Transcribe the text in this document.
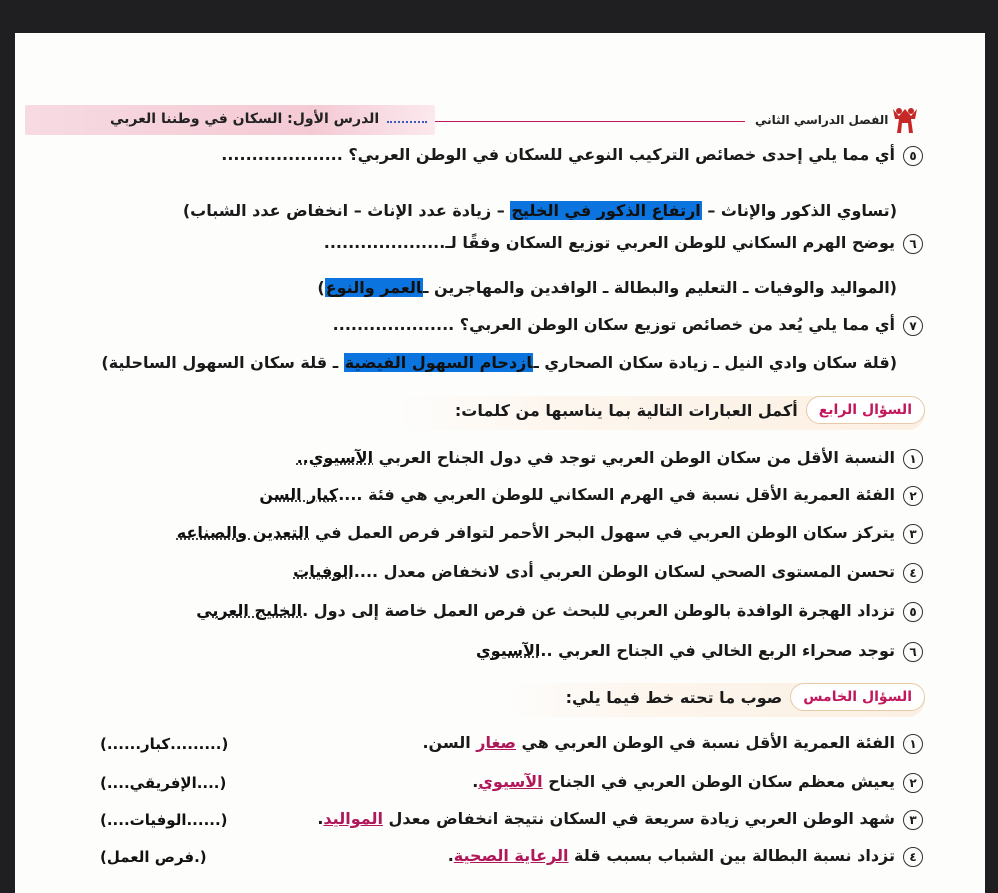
الدرس الأول: السكان في وطننا العربي	الفصل الدراسي الثاني
٥أي مما يلي إحدى خصائص التركيب النوعي للسكان في الوطن العربي؟ ....................
(تساوي الذكور والإناث – ارتفاع الذكور في الخليج – زيادة عدد الإناث – انخفاض عدد الشباب)
٦يوضح الهرم السكاني للوطن العربي توزيع السكان وفقًا لـ....................
(المواليد والوفيات ـ التعليم والبطالة ـ الوافدين والمهاجرين ـالعمر والنوع)
٧أي مما يلي يُعد من خصائص توزيع سكان الوطن العربي؟ ....................
(قلة سكان وادي النيل ـ زيادة سكان الصحاري ـازدحام السهول الفيضية ـ قلة سكان السهول الساحلية)
السؤال الرابعأكمل العبارات التالية بما يناسبها من كلمات:
١النسبة الأقل من سكان الوطن العربي توجد في دول الجناح العربي الآسيوي..
٢الفئة العمرية الأقل نسبة في الهرم السكاني للوطن العربي هي فئة ....كبار السن
٣يتركز سكان الوطن العربي في سهول البحر الأحمر لتوافر فرص العمل في التعدين والصناعه
٤تحسن المستوى الصحي لسكان الوطن العربي أدى لانخفاض معدل ....الوفيات
٥تزداد الهجرة الوافدة بالوطن العربي للبحث عن فرص العمل خاصة إلى دول .الخليج العربي
٦توجد صحراء الربع الخالي في الجناح العربي ..الآسيوي
السؤال الخامسصوب ما تحته خط فيما يلي:
١الفئة العمرية الأقل نسبة في الوطن العربي هي صغار السن.
(.........كبار......)
٢يعيش معظم سكان الوطن العربي في الجناح الآسيوي.
(....الإفريقي....)
٣شهد الوطن العربي زيادة سريعة في السكان نتيجة انخفاض معدل المواليد.
(......الوفيات....)
٤تزداد نسبة البطالة بين الشباب بسبب قلة الرعاية الصحية.
(.فرص العمل)
